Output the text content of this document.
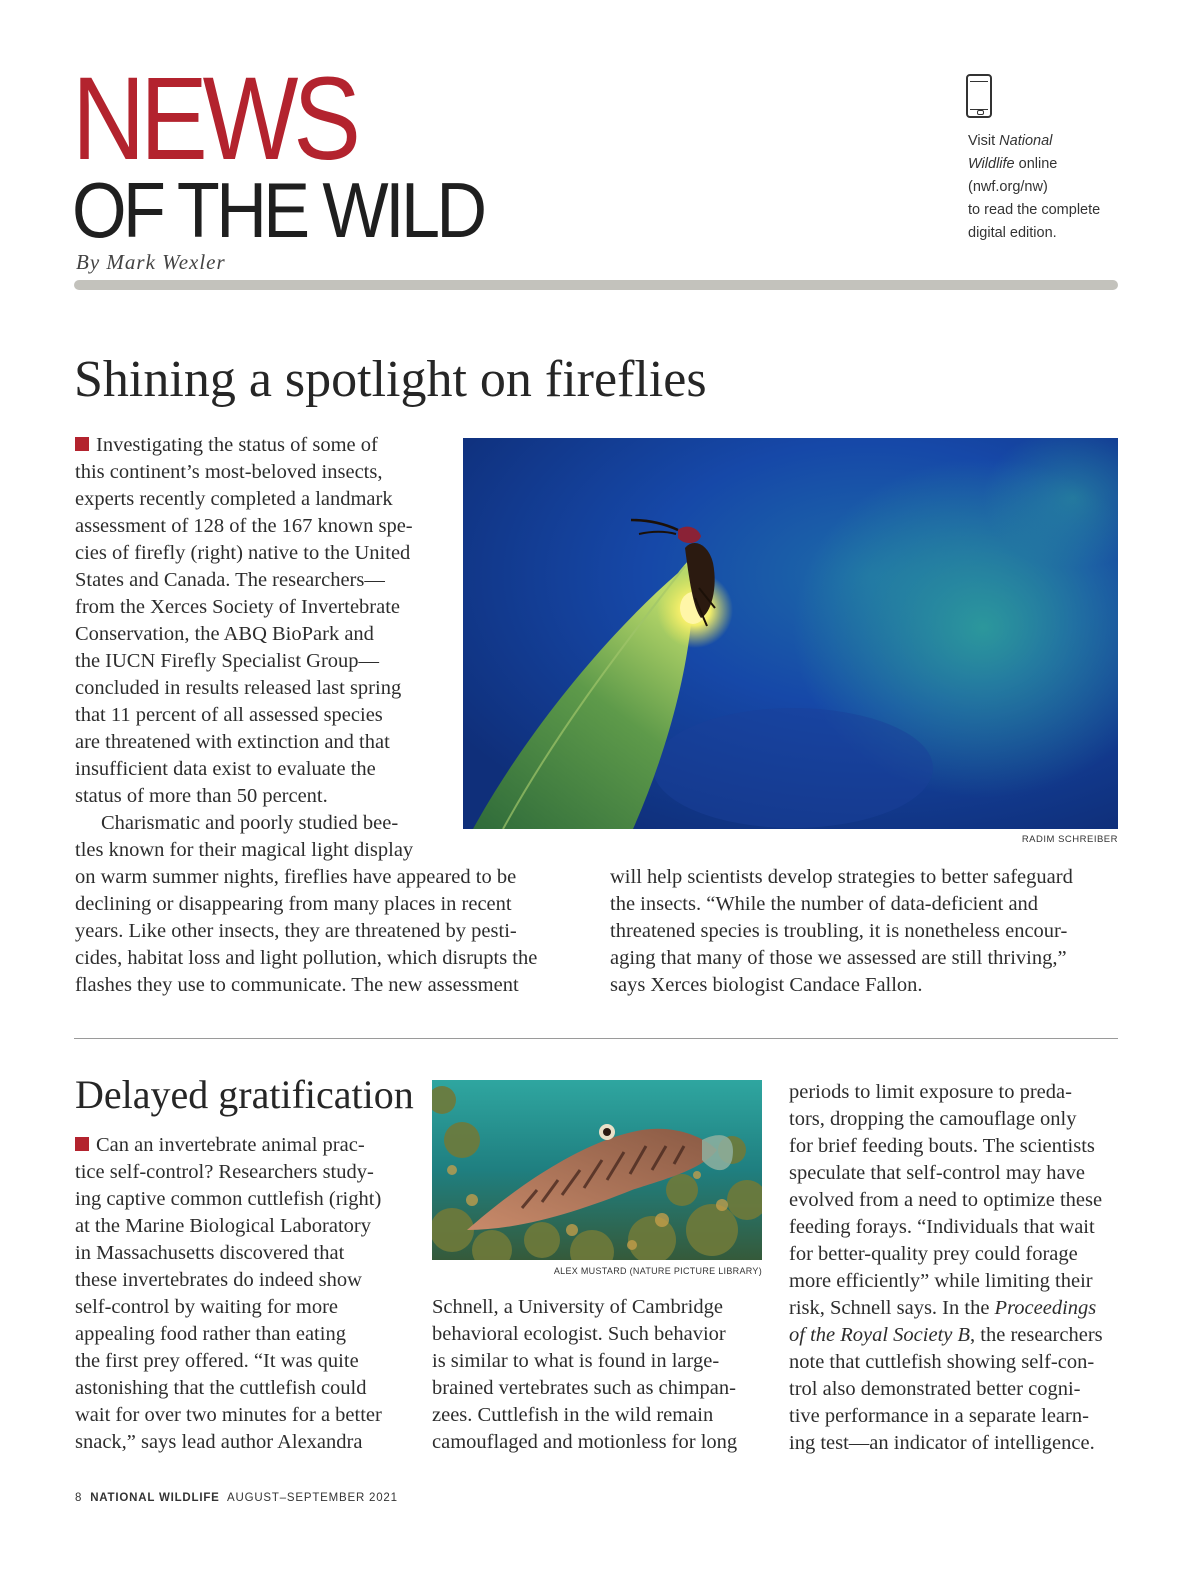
NEWS
OF THE WILD
By Mark Wexler
Visit National
Wildlife online
(nwf.org/nw)
to read the complete
digital edition.
Shining a spotlight on fireflies
Investigating the status of some of
this continent’s most-beloved insects,
experts recently completed a landmark
assessment of 128 of the 167 known spe-
cies of firefly (right) native to the United
States and Canada. The researchers—
from the Xerces Society of Invertebrate
Conservation, the ABQ BioPark and
the IUCN Firefly Specialist Group—
concluded in results released last spring
that 11 percent of all assessed species
are threatened with extinction and that
insufficient data exist to evaluate the
status of more than 50 percent.
Charismatic and poorly studied bee-
tles known for their magical light display
on warm summer nights, fireflies have appeared to be
declining or disappearing from many places in recent
years. Like other insects, they are threatened by pesti-
cides, habitat loss and light pollution, which disrupts the
flashes they use to communicate. The new assessment
will help scientists develop strategies to better safeguard
the insects. “While the number of data-deficient and
threatened species is troubling, it is nonetheless encour-
aging that many of those we assessed are still thriving,”
says Xerces biologist Candace Fallon.
RADIM SCHREIBER
Delayed gratification
Can an invertebrate animal prac-
tice self-control? Researchers study-
ing captive common cuttlefish (right)
at the Marine Biological Laboratory
in Massachusetts discovered that
these invertebrates do indeed show
self-control by waiting for more
appealing food rather than eating
the first prey offered. “It was quite
astonishing that the cuttlefish could
wait for over two minutes for a better
snack,” says lead author Alexandra
ALEX MUSTARD (NATURE PICTURE LIBRARY)
Schnell, a University of Cambridge
behavioral ecologist. Such behavior
is similar to what is found in large-
brained vertebrates such as chimpan-
zees. Cuttlefish in the wild remain
camouflaged and motionless for long
periods to limit exposure to preda-
tors, dropping the camouflage only
for brief feeding bouts. The scientists
speculate that self-control may have
evolved from a need to optimize these
feeding forays. “Individuals that wait
for better-quality prey could forage
more efficiently” while limiting their
risk, Schnell says. In the Proceedings
of the Royal Society B, the researchers
note that cuttlefish showing self-con-
trol also demonstrated better cogni-
tive performance in a separate learn-
ing test—an indicator of intelligence.
8 NATIONAL WILDLIFE AUGUST–SEPTEMBER 2021
